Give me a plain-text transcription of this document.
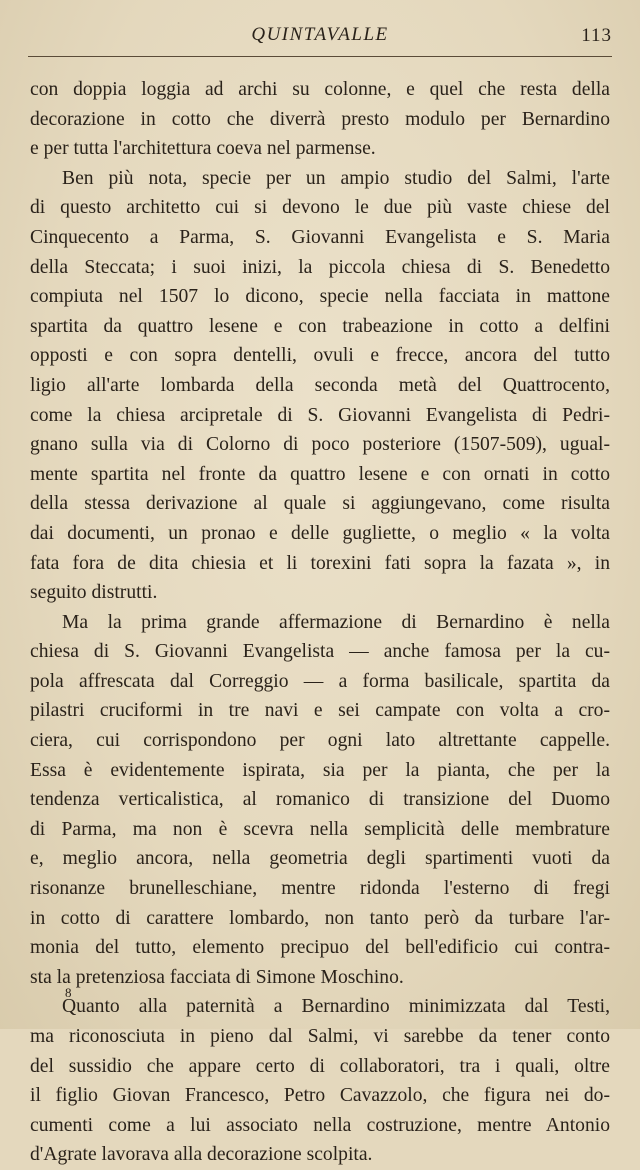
QUINTAVALLE	113
con doppia loggia ad archi su colonne, e quel che resta della
decorazione in cotto che diverrà presto modulo per Bernardino
e per tutta l'architettura coeva nel parmense.
Ben più nota, specie per un ampio studio del Salmi, l'arte
di questo architetto cui si devono le due più vaste chiese del
Cinquecento a Parma, S. Giovanni Evangelista e S. Maria
della Steccata; i suoi inizi, la piccola chiesa di S. Benedetto
compiuta nel 1507 lo dicono, specie nella facciata in mattone
spartita da quattro lesene e con trabeazione in cotto a delfini
opposti e con sopra dentelli, ovuli e frecce, ancora del tutto
ligio all'arte lombarda della seconda metà del Quattrocento,
come la chiesa arcipretale di S. Giovanni Evangelista di Pedri-
gnano sulla via di Colorno di poco posteriore (1507-509), ugual-
mente spartita nel fronte da quattro lesene e con ornati in cotto
della stessa derivazione al quale si aggiungevano, come risulta
dai documenti, un pronao e delle gugliette, o meglio « la volta
fata fora de dita chiesia et li torexini fati sopra la fazata », in
seguito distrutti.
Ma la prima grande affermazione di Bernardino è nella
chiesa di S. Giovanni Evangelista — anche famosa per la cu-
pola affrescata dal Correggio — a forma basilicale, spartita da
pilastri cruciformi in tre navi e sei campate con volta a cro-
ciera, cui corrispondono per ogni lato altrettante cappelle.
Essa è evidentemente ispirata, sia per la pianta, che per la
tendenza verticalistica, al romanico di transizione del Duomo
di Parma, ma non è scevra nella semplicità delle membrature
e, meglio ancora, nella geometria degli spartimenti vuoti da
risonanze brunelleschiane, mentre ridonda l'esterno di fregi
in cotto di carattere lombardo, non tanto però da turbare l'ar-
monia del tutto, elemento precipuo del bell'edificio cui contra-
sta la pretenziosa facciata di Simone Moschino.
Quanto alla paternità a Bernardino minimizzata dal Testi,
ma riconosciuta in pieno dal Salmi, vi sarebbe da tener conto
del sussidio che appare certo di collaboratori, tra i quali, oltre
il figlio Giovan Francesco, Petro Cavazzolo, che figura nei do-
cumenti come a lui associato nella costruzione, mentre Antonio
d'Agrate lavorava alla decorazione scolpita.
8
